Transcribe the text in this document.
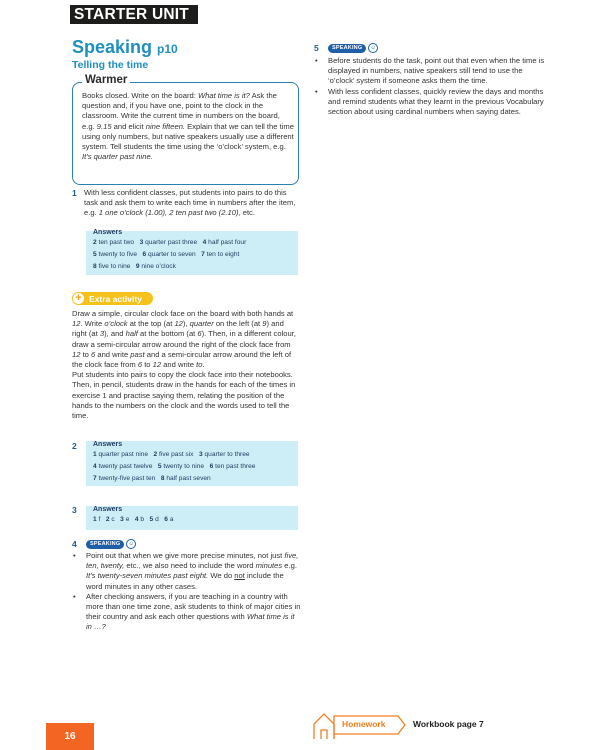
STARTER UNIT
Speaking p10
Telling the time
Warmer
Books closed. Write on the board: What time is it? Ask the question and, if you have one, point to the clock in the classroom. Write the current time in numbers on the board, e.g. 9.15 and elicit nine fifteen. Explain that we can tell the time using only numbers, but native speakers usually use a different system. Tell students the time using the ‘o’clock’ system, e.g. It’s quarter past nine.
1 With less confident classes, put students into pairs to do this task and ask them to write each time in numbers after the item, e.g. 1 one o’clock (1.00), 2 ten past two (2.10), etc.
Answers
2 ten past two 3 quarter past three 4 half past four
5 twenty to five 6 quarter to seven 7 ten to eight
8 five to nine 9 nine o’clock
+ Extra activity
Draw a simple, circular clock face on the board with both hands at 12. Write o’clock at the top (at 12), quarter on the left (at 9) and right (at 3), and half at the bottom (at 6). Then, in a different colour, draw a semi-circular arrow around the right of the clock face from 12 to 6 and write past and a semi-circular arrow around the left of the clock face from 6 to 12 and write to.
Put students into pairs to copy the clock face into their notebooks. Then, in pencil, students draw in the hands for each of the times in exercise 1 and practise saying them, relating the position of the hands to the numbers on the clock and the words used to tell the time.
2 Answers
1 quarter past nine 2 five past six 3 quarter to three
4 twenty past twelve 5 twenty to nine 6 ten past three
7 twenty-five past ten 8 half past seven
3 Answers
1 f 2 c 3 e 4 b 5 d 6 a
4	SPEAKING	☺
• Point out that when we give more precise minutes, not just five, ten, twenty, etc., we also need to include the word minutes e.g. It’s twenty-seven minutes past eight. We do not include the word minutes in any other cases.
• After checking answers, if you are teaching in a country with more than one time zone, ask students to think of major cities in their country and ask each other questions with What time is it in …?
5	SPEAKING	☺
• Before students do the task, point out that even when the time is displayed in numbers, native speakers still tend to use the ‘o’clock’ system if someone asks them the time.
• With less confident classes, quickly review the days and months and remind students what they learnt in the previous Vocabulary section about using cardinal numbers when saying dates.
16
Homework	Workbook page 7
